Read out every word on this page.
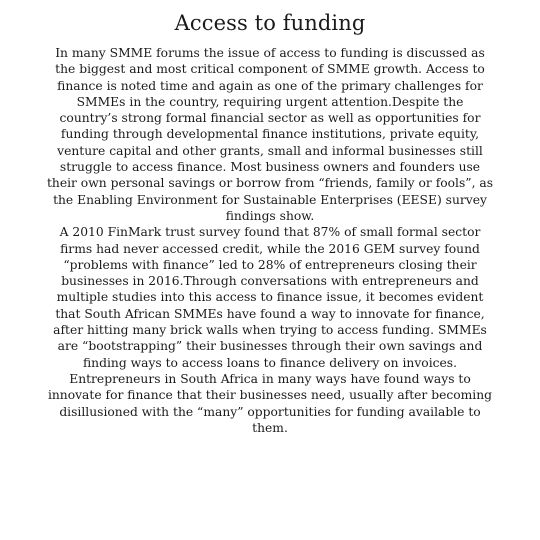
Access to funding

In many SMME forums the issue of access to funding is discussed as the biggest and most critical component of SMME growth. Access to finance is noted time and again as one of the primary challenges for SMMEs in the country, requiring urgent attention.Despite the country’s strong formal financial sector as well as opportunities for funding through developmental finance institutions, private equity, venture capital and other grants, small and informal businesses still struggle to access finance. Most business owners and founders use their own personal savings or borrow from “friends, family or fools”, as the Enabling Environment for Sustainable Enterprises (EESE) survey findings show.

A 2010 FinMark trust survey found that 87% of small formal sector firms had never accessed credit, while the 2016 GEM survey found “problems with finance” led to 28% of entrepreneurs closing their businesses in 2016.Through conversations with entrepreneurs and multiple studies into this access to finance issue, it becomes evident that South African SMMEs have found a way to innovate for finance, after hitting many brick walls when trying to access funding. SMMEs are “bootstrapping” their businesses through their own savings and finding ways to access loans to finance delivery on invoices. Entrepreneurs in South Africa in many ways have found ways to innovate for finance that their businesses need, usually after becoming disillusioned with the “many” opportunities for funding available to them.
